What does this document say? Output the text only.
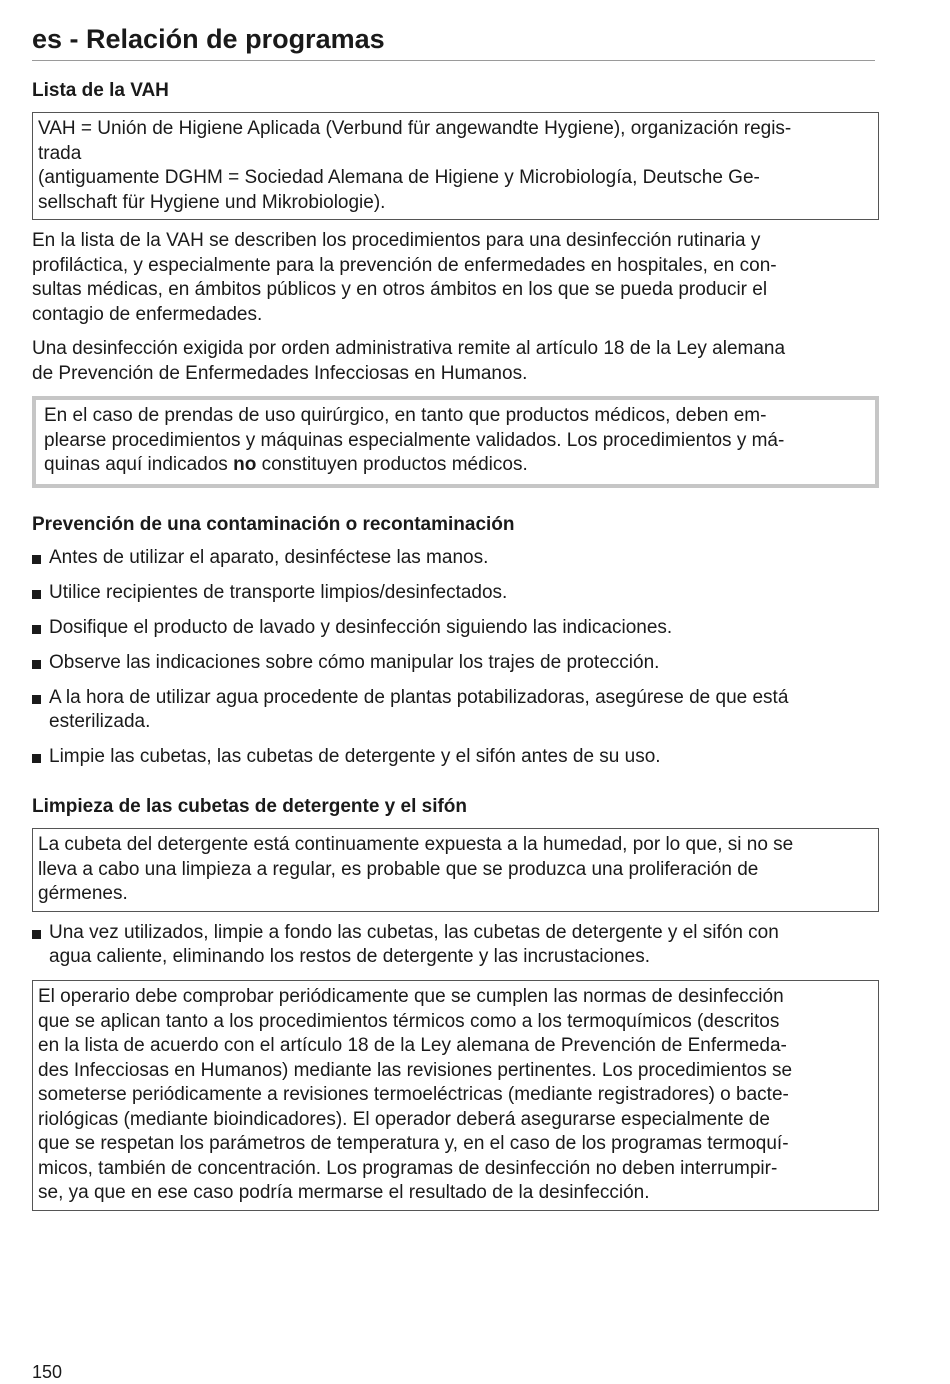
es - Relación de programas
Lista de la VAH
VAH = Unión de Higiene Aplicada (Verbund für angewandte Hygiene), organización regis-
trada
(antiguamente DGHM = Sociedad Alemana de Higiene y Microbiología, Deutsche Ge-
sellschaft für Hygiene und Mikrobiologie).
En la lista de la VAH se describen los procedimientos para una desinfección rutinaria y
profiláctica, y especialmente para la prevención de enfermedades en hospitales, en con-
sultas médicas, en ámbitos públicos y en otros ámbitos en los que se pueda producir el
contagio de enfermedades.
Una desinfección exigida por orden administrativa remite al artículo 18 de la Ley alemana
de Prevención de Enfermedades Infecciosas en Humanos.
En el caso de prendas de uso quirúrgico, en tanto que productos médicos, deben em-
plearse procedimientos y máquinas especialmente validados. Los procedimientos y má-
quinas aquí indicados no constituyen productos médicos.
Prevención de una contaminación o recontaminación
Antes de utilizar el aparato, desinféctese las manos.
Utilice recipientes de transporte limpios/desinfectados.
Dosifique el producto de lavado y desinfección siguiendo las indicaciones.
Observe las indicaciones sobre cómo manipular los trajes de protección.
A la hora de utilizar agua procedente de plantas potabilizadoras, asegúrese de que está
esterilizada.
Limpie las cubetas, las cubetas de detergente y el sifón antes de su uso.
Limpieza de las cubetas de detergente y el sifón
La cubeta del detergente está continuamente expuesta a la humedad, por lo que, si no se
lleva a cabo una limpieza a regular, es probable que se produzca una proliferación de
gérmenes.
Una vez utilizados, limpie a fondo las cubetas, las cubetas de detergente y el sifón con
agua caliente, eliminando los restos de detergente y las incrustaciones.
El operario debe comprobar periódicamente que se cumplen las normas de desinfección
que se aplican tanto a los procedimientos térmicos como a los termoquímicos (descritos
en la lista de acuerdo con el artículo 18 de la Ley alemana de Prevención de Enfermeda-
des Infecciosas en Humanos) mediante las revisiones pertinentes. Los procedimientos se
someterse periódicamente a revisiones termoeléctricas (mediante registradores) o bacte-
riológicas (mediante bioindicadores). El operador deberá asegurarse especialmente de
que se respetan los parámetros de temperatura y, en el caso de los programas termoquí-
micos, también de concentración. Los programas de desinfección no deben interrumpir-
se, ya que en ese caso podría mermarse el resultado de la desinfección.
150
